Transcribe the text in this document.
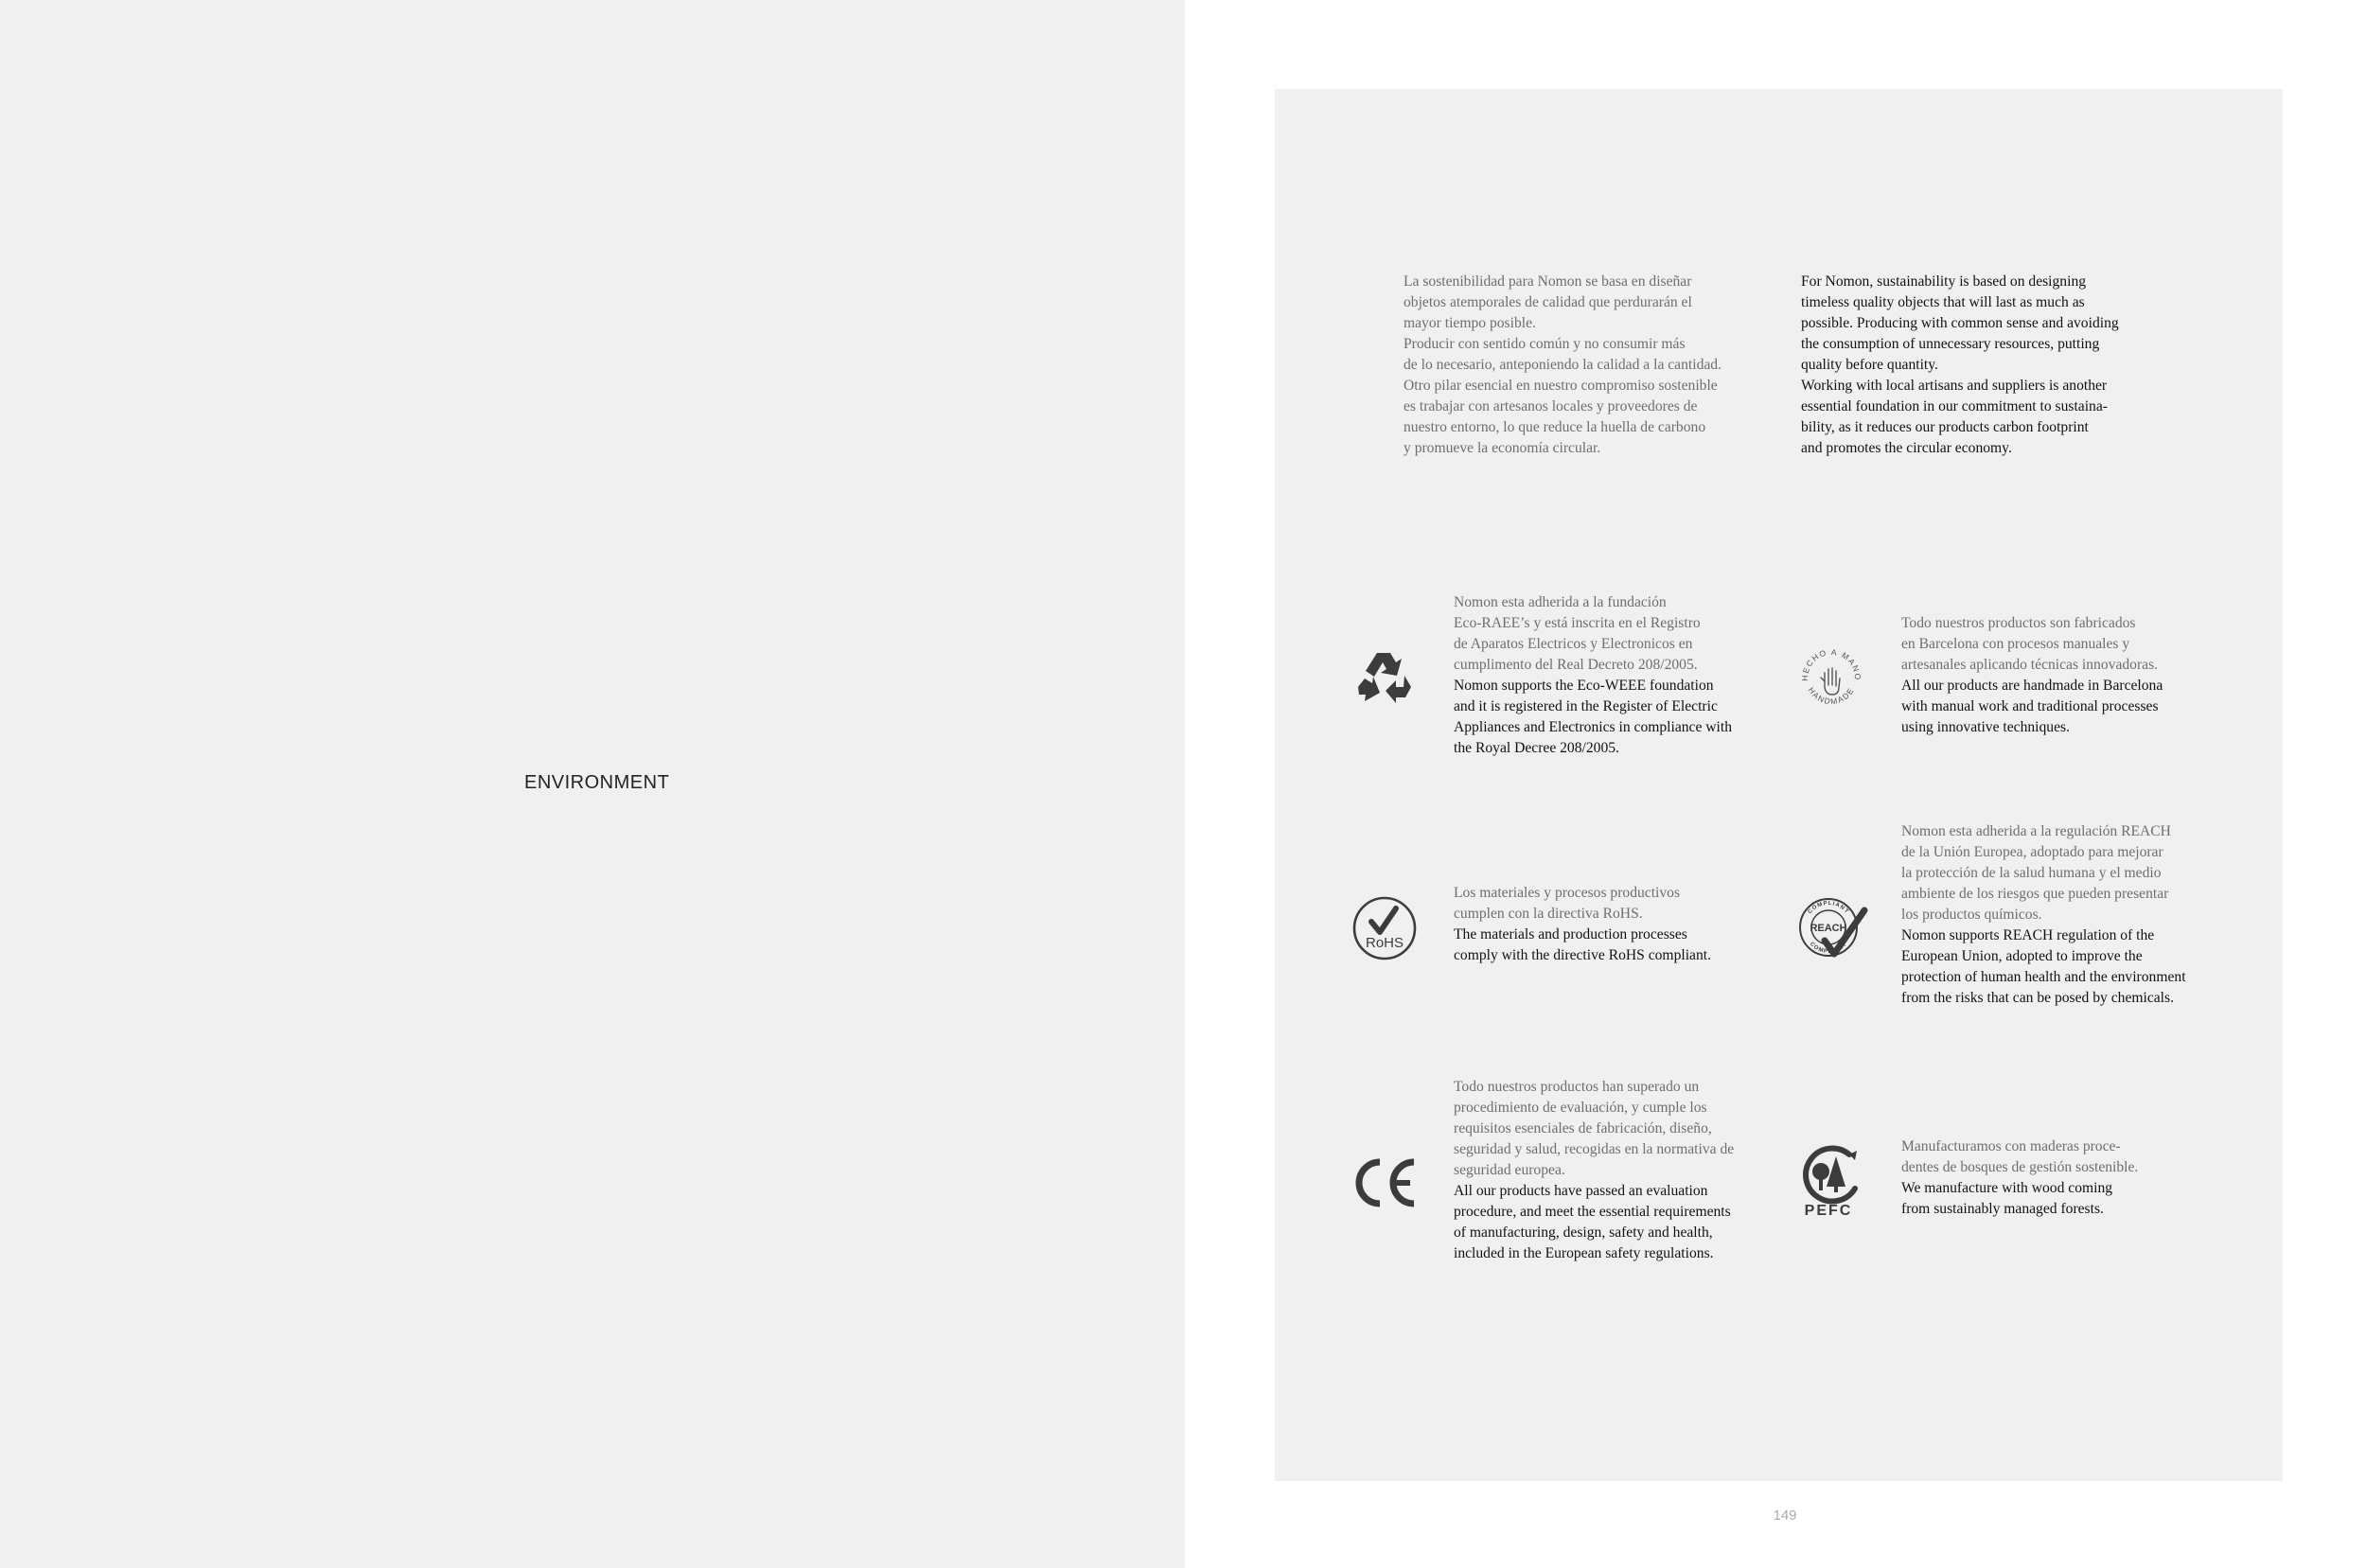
ENVIRONMENT
La sostenibilidad para Nomon se basa en diseñar
objetos atemporales de calidad que perdurarán el
mayor tiempo posible.
Producir con sentido común y no consumir más
de lo necesario, anteponiendo la calidad a la cantidad.
Otro pilar esencial en nuestro compromiso sostenible
es trabajar con artesanos locales y proveedores de
nuestro entorno, lo que reduce la huella de carbono
y promueve la economía circular.
For Nomon, sustainability is based on designing
timeless quality objects that will last as much as
possible. Producing with common sense and avoiding
the consumption of unnecessary resources, putting
quality before quantity.
Working with local artisans and suppliers is another
essential foundation in our commitment to sustaina-
bility, as it reduces our products carbon footprint
and promotes the circular economy.
Nomon esta adherida a la fundación
Eco-RAEE’s y está inscrita en el Registro
de Aparatos Electricos y Electronicos en
cumplimento del Real Decreto 208/2005.
Nomon supports the Eco-WEEE foundation
and it is registered in the Register of Electric
Appliances and Electronics in compliance with
the Royal Decree 208/2005.
HECHO A MANO
HANDMADE
Todo nuestros productos son fabricados
en Barcelona con procesos manuales y
artesanales aplicando técnicas innovadoras.
All our products are handmade in Barcelona
with manual work and traditional processes
using innovative techniques.
RoHS
Los materiales y procesos productivos
cumplen con la directiva RoHS.
The materials and production processes
comply with the directive RoHS compliant.
COMPLIANT
COMPLIANT
REACH
Nomon esta adherida a la regulación REACH
de la Unión Europea, adoptado para mejorar
la protección de la salud humana y el medio
ambiente de los riesgos que pueden presentar
los productos químicos.
Nomon supports REACH regulation of the
European Union, adopted to improve the
protection of human health and the environment
from the risks that can be posed by chemicals.
Todo nuestros productos han superado un
procedimiento de evaluación, y cumple los
requisitos esenciales de fabricación, diseño,
seguridad y salud, recogidas en la normativa de
seguridad europea.
All our products have passed an evaluation
procedure, and meet the essential requirements
of manufacturing, design, safety and health,
included in the European safety regulations.
PEFC
Manufacturamos con maderas proce-
dentes de bosques de gestión sostenible.
We manufacture with wood coming
from sustainably managed forests.
149
